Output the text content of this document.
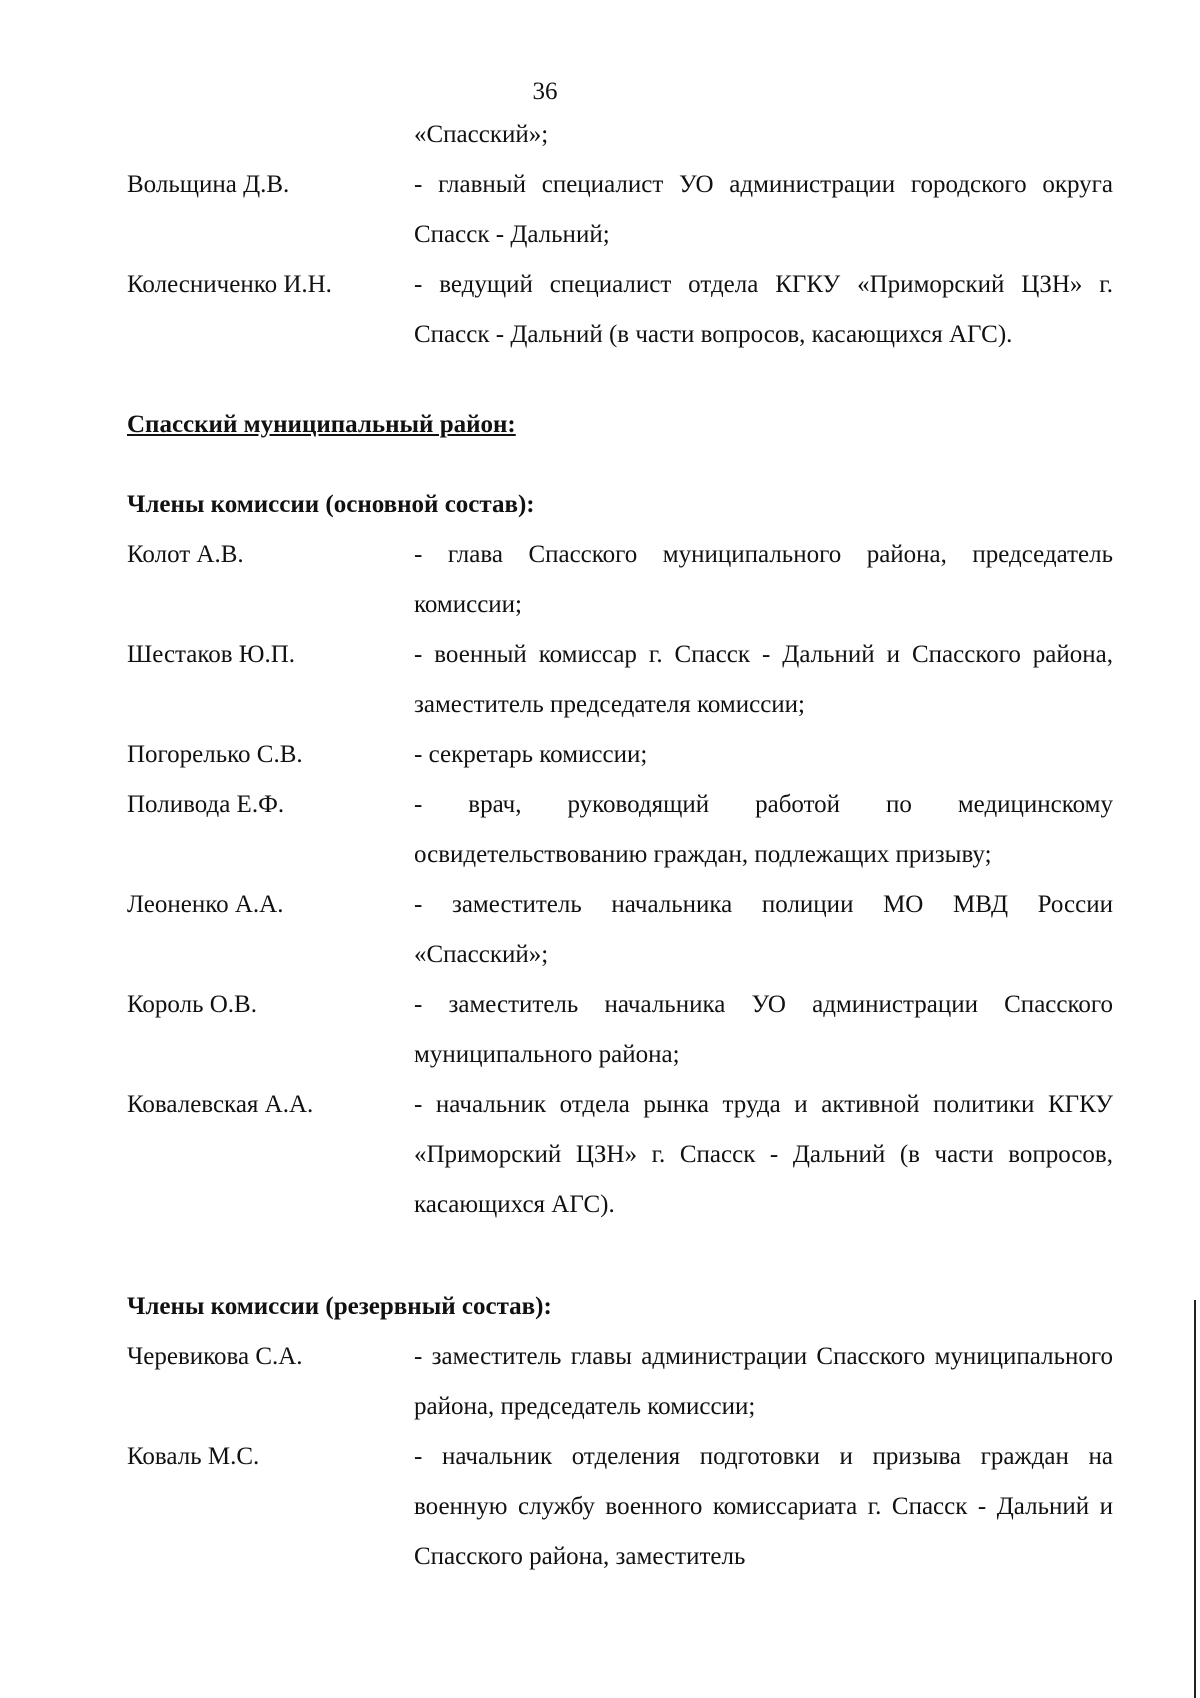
36
«Спасский»;
Вольщина Д.В.	- главный специалист УО администрации городского округа Спасск - Дальний;
Колесниченко И.Н.	- ведущий специалист отдела КГКУ «Приморский ЦЗН» г. Спасск - Дальний (в части вопросов, касающихся АГС).
Спасский муниципальный район:
Члены комиссии (основной состав):
Колот А.В.	- глава Спасского муниципального района, председатель комиссии;
Шестаков Ю.П.	- военный комиссар г. Спасск - Дальний и Спасского района, заместитель председателя комиссии;
Погорелько С.В.	- секретарь комиссии;
Поливода Е.Ф.	- врач, руководящий работой по медицинскому освидетельствованию граждан, подлежащих призыву;
Леоненко А.А.	- заместитель начальника полиции МО МВД России «Спасский»;
Король О.В.	- заместитель начальника УО администрации Спасского муниципального района;
Ковалевская А.А.	- начальник отдела рынка труда и активной политики КГКУ «Приморский ЦЗН» г. Спасск - Дальний (в части вопросов, касающихся АГС).
Члены комиссии (резервный состав):
Черевикова С.А.	- заместитель главы администрации Спасского муниципального района, председатель комиссии;
Коваль М.С.	- начальник отделения подготовки и призыва граждан на военную службу военного комиссариата г. Спасск - Дальний и Спасского района, заместитель
